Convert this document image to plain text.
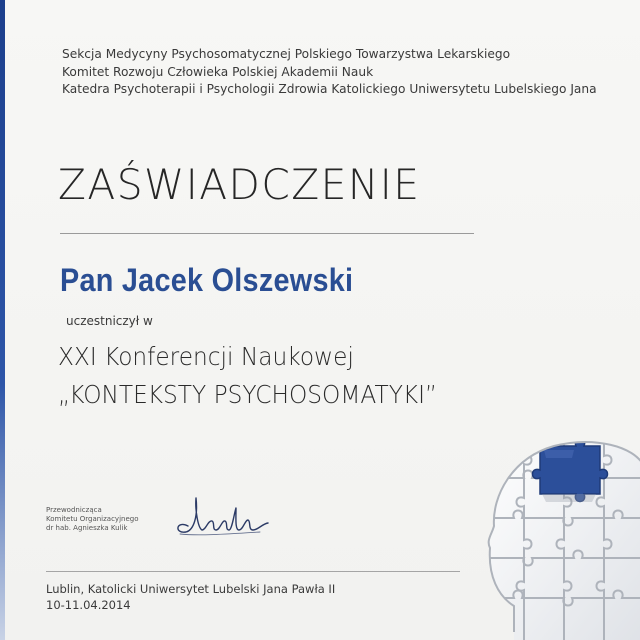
Sekcja Medycyny Psychosomatycznej Polskiego Towarzystwa Lekarskiego
Komitet Rozwoju Człowieka Polskiej Akademii Nauk
Katedra Psychoterapii i Psychologii Zdrowia Katolickiego Uniwersytetu Lubelskiego Jana
ZAŚWIADCZENIE
Pan Jacek Olszewski
uczestniczył w
XXI Konferencji Naukowej
„KONTEKSTY PSYCHOSOMATYKI”
Przewodnicząca
Komitetu Organizacyjnego
dr hab. Agnieszka Kulik
Lublin, Katolicki Uniwersytet Lubelski Jana Pawła II
10-11.04.2014
